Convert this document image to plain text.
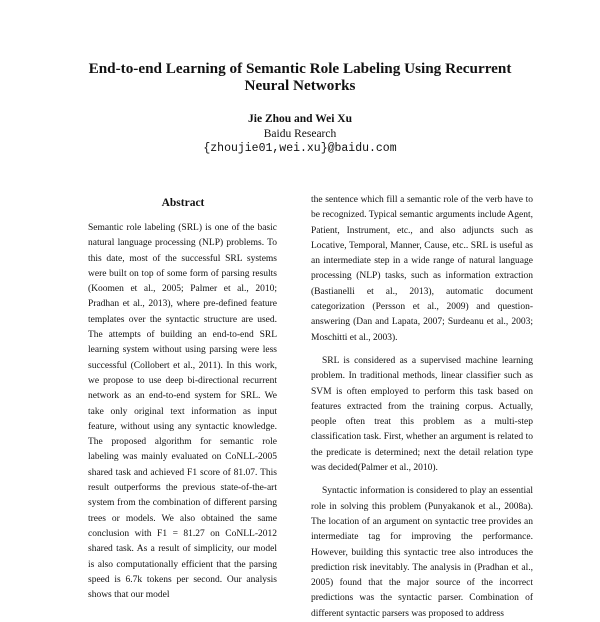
End-to-end Learning of Semantic Role Labeling Using Recurrent Neural Networks
Jie Zhou and Wei Xu
Baidu Research
{zhoujie01,wei.xu}@baidu.com
Abstract

Semantic role labeling (SRL) is one of the basic natural language processing (NLP) problems. To this date, most of the successful SRL systems were built on top of some form of parsing results (Koomen et al., 2005; Palmer et al., 2010; Pradhan et al., 2013), where pre-defined feature templates over the syntactic structure are used. The attempts of building an end-to-end SRL learning system without using parsing were less successful (Collobert et al., 2011). In this work, we propose to use deep bi-directional recurrent network as an end-to-end system for SRL. We take only original text information as input feature, without using any syntactic knowledge. The proposed algorithm for semantic role labeling was mainly evaluated on CoNLL-2005 shared task and achieved F1 score of 81.07. This result outperforms the previous state-of-the-art system from the combination of different parsing trees or models. We also obtained the same conclusion with F1 = 81.27 on CoNLL-2012 shared task. As a result of simplicity, our model is also computationally efficient that the parsing speed is 6.7k tokens per second. Our analysis shows that our model

the sentence which fill a semantic role of the verb have to be recognized. Typical semantic arguments include Agent, Patient, Instrument, etc., and also adjuncts such as Locative, Temporal, Manner, Cause, etc.. SRL is useful as an intermediate step in a wide range of natural language processing (NLP) tasks, such as information extraction (Bastianelli et al., 2013), automatic document categorization (Persson et al., 2009) and question-answering (Dan and Lapata, 2007; Surdeanu et al., 2003; Moschitti et al., 2003).

SRL is considered as a supervised machine learning problem. In traditional methods, linear classifier such as SVM is often employed to perform this task based on features extracted from the training corpus. Actually, people often treat this problem as a multi-step classification task. First, whether an argument is related to the predicate is determined; next the detail relation type was decided(Palmer et al., 2010).

Syntactic information is considered to play an essential role in solving this problem (Punyakanok et al., 2008a). The location of an argument on syntactic tree provides an intermediate tag for improving the performance. However, building this syntactic tree also introduces the prediction risk inevitably. The analysis in (Pradhan et al., 2005) found that the major source of the incorrect predictions was the syntactic parser. Combination of different syntactic parsers was proposed to address
